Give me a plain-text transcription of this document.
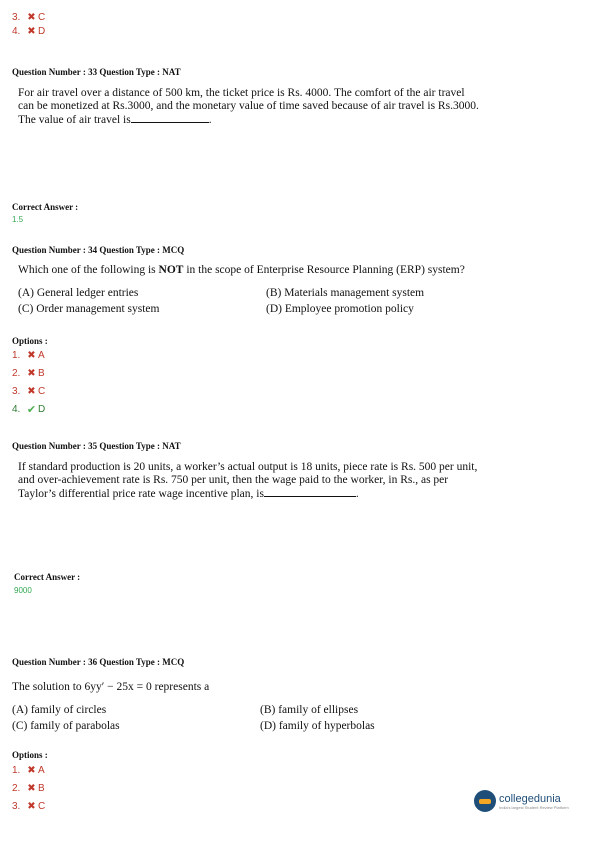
3. ✖ C
4. ✖ D
Question Number : 33 Question Type : NAT
For air travel over a distance of 500 km, the ticket price is Rs. 4000. The comfort of the air travel
can be monetized at Rs.3000, and the monetary value of time saved because of air travel is Rs.3000.
The value of air travel is	.
Correct Answer :
1.5
Question Number : 34 Question Type : MCQ
Which one of the following is NOT in the scope of Enterprise Resource Planning (ERP) system?
(A) General ledger entries	(B) Materials management system
(C) Order management system	(D) Employee promotion policy
Options :
1. ✖ A
2. ✖ B
3. ✖ C
4. ✔ D
Question Number : 35 Question Type : NAT
If standard production is 20 units, a worker’s actual output is 18 units, piece rate is Rs. 500 per unit,
and over-achievement rate is Rs. 750 per unit, then the wage paid to the worker, in Rs., as per
Taylor’s differential price rate wage incentive plan, is	.
Correct Answer :
9000
Question Number : 36 Question Type : MCQ
The solution to 6yy′ − 25x = 0 represents a
(A) family of circles	(B) family of ellipses
(C) family of parabolas	(D) family of hyperbolas
Options :
1. ✖ A
2. ✖ B
3. ✖ C
collegedunia
India's largest Student Review Platform
